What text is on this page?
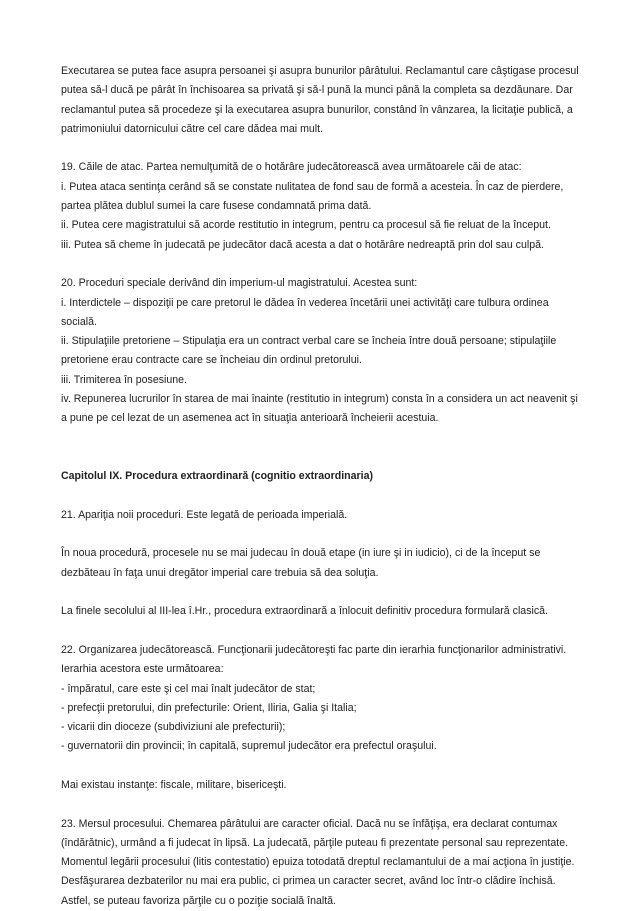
Executarea se putea face asupra persoanei şi asupra bunurilor pârâtului. Reclamantul care câştigase procesul
putea să-l ducă pe pârât în închisoarea sa privată şi să-l pună la munci până la completa sa dezdăunare. Dar
reclamantul putea să procedeze şi la executarea asupra bunurilor, constând în vânzarea, la licitaţie publică, a
patrimoniului datornicului către cel care dădea mai mult.

19. Căile de atac. Partea nemulţumită de o hotărâre judecătorească avea următoarele căi de atac:
i. Putea ataca sentinţa cerând să se constate nulitatea de fond sau de formă a acesteia. În caz de pierdere,
partea plătea dublul sumei la care fusese condamnată prima dată.
ii. Putea cere magistratului să acorde restitutio in integrum, pentru ca procesul să fie reluat de la început.
iii. Putea să cheme în judecată pe judecător dacă acesta a dat o hotărâre nedreaptă prin dol sau culpă.

20. Proceduri speciale derivând din imperium-ul magistratului. Acestea sunt:
i. Interdictele – dispoziţii pe care pretorul le dădea în vederea încetării unei activităţi care tulbura ordinea
socială.
ii. Stipulaţiile pretoriene – Stipulaţia era un contract verbal care se încheia între două persoane; stipulaţiile
pretoriene erau contracte care se încheiau din ordinul pretorului.
iii. Trimiterea în posesiune.
iv. Repunerea lucrurilor în starea de mai înainte (restitutio in integrum) consta în a considera un act neavenit şi
a pune pe cel lezat de un asemenea act în situaţia anterioară încheierii acestuia.

Capitolul IX. Procedura extraordinară (cognitio extraordinaria)

21. Apariţia noii proceduri. Este legată de perioada imperială.

În noua procedură, procesele nu se mai judecau în două etape (in iure şi in iudicio), ci de la început se
dezbăteau în faţa unui dregător imperial care trebuia să dea soluţia.

La finele secolului al III-lea î.Hr., procedura extraordinară a înlocuit definitiv procedura formulară clasică.

22. Organizarea judecătorească. Funcţionarii judecătoreşti fac parte din ierarhia funcţionarilor administrativi.
Ierarhia acestora este următoarea:
- împăratul, care este şi cel mai înalt judecător de stat;
- prefecţii pretorului, din prefecturile: Orient, Iliria, Galia şi Italia;
- vicarii din dioceze (subdiviziuni ale prefecturii);
- guvernatorii din provincii; în capitală, supremul judecător era prefectul oraşului.

Mai existau instanţe: fiscale, militare, bisericeşti.

23. Mersul procesului. Chemarea pârâtului are caracter oficial. Dacă nu se înfăţişa, era declarat contumax
(îndărătnic), urmând a fi judecat în lipsă. La judecată, părţile puteau fi prezentate personal sau reprezentate.
Momentul legării procesului (litis contestatio) epuiza totodată dreptul reclamantului de a mai acţiona în justiţie.
Desfăşurarea dezbaterilor nu mai era public, ci primea un caracter secret, având loc într-o clădire închisă.
Astfel, se puteau favoriza părţile cu o poziţie socială înaltă.
